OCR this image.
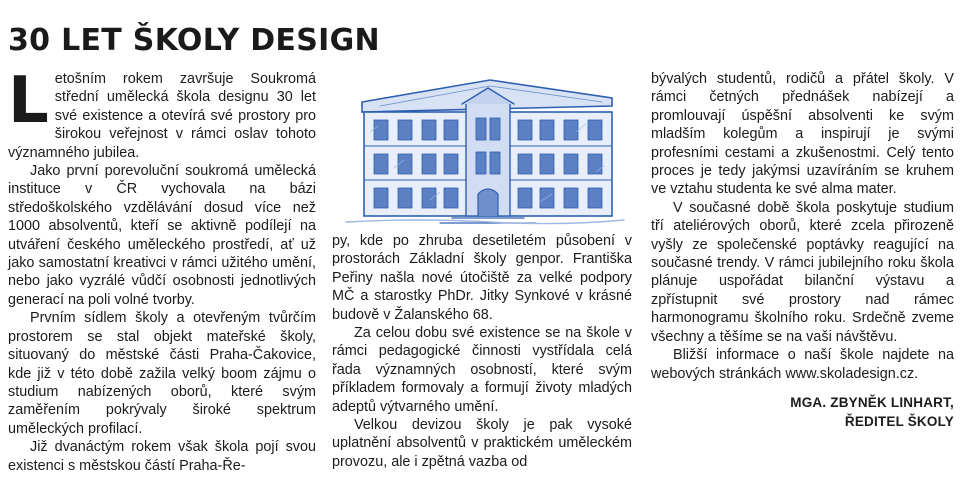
30 LET ŠKOLY DESIGN
L etošním rokem završuje Soukromá střední umělecká škola designu 30 let své existence a otevírá své prostory pro širokou veřejnost v rámci oslav tohoto významného jubilea.

Jako první porevoluční soukromá umělecká instituce v ČR vychovala na bázi středoškolského vzdělávání dosud více než 1000 absolventů, kteří se aktivně podílejí na utváření českého uměleckého prostředí, ať už jako samostatní kreativci v rámci užitého umění, nebo jako vyzrálé vůdčí osobnosti jednotlivých generací na poli volné tvorby.

Prvním sídlem školy a otevřeným tvůrčím prostorem se stal objekt mateřské školy, situovaný do městské části Praha-Čakovice, kde již v této době zažila velký boom zájmu o studium nabízených oborů, které svým zaměřením pokrývaly široké spektrum uměleckých profilací.

Již dvanáctým rokem však škola pojí svou existenci s městskou částí Praha-Ře-

py, kde po zhruba desetiletém působení v prostorách Základní školy genpor. Františka Peřiny našla nové útočiště za velké podpory MČ a starostky PhDr. Jitky Synkové v krásné budově v Žalanského 68.

Za celou dobu své existence se na škole v rámci pedagogické činnosti vystřídala celá řada významných osobností, které svým příkladem formovaly a formují životy mladých adeptů výtvarného umění.

Velkou devizou školy je pak vysoké uplatnění absolventů v praktickém uměleckém provozu, ale i zpětná vazba od

bývalých studentů, rodičů a přátel školy. V rámci četných přednášek nabízejí a promlouvají úspěšní absolventi ke svým mladším kolegům a inspirují je svými profesními cestami a zkušenostmi. Celý tento proces je tedy jakýmsi uzavíráním se kruhem ve vztahu studenta ke své alma mater.

V současné době škola poskytuje studium tří ateliérových oborů, které zcela přirozeně vyšly ze společenské poptávky reagující na současné trendy. V rámci jubilejního roku škola plánuje uspořádat bilanční výstavu a zpřístupnit své prostory nad rámec harmonogramu školního roku. Srdečně zveme všechny a těšíme se na vaši návštěvu.

Bližší informace o naší škole najdete na webových stránkách www.skoladesign.cz.

MGA. ZBYNĚK LINHART,
ŘEDITEL ŠKOLY
